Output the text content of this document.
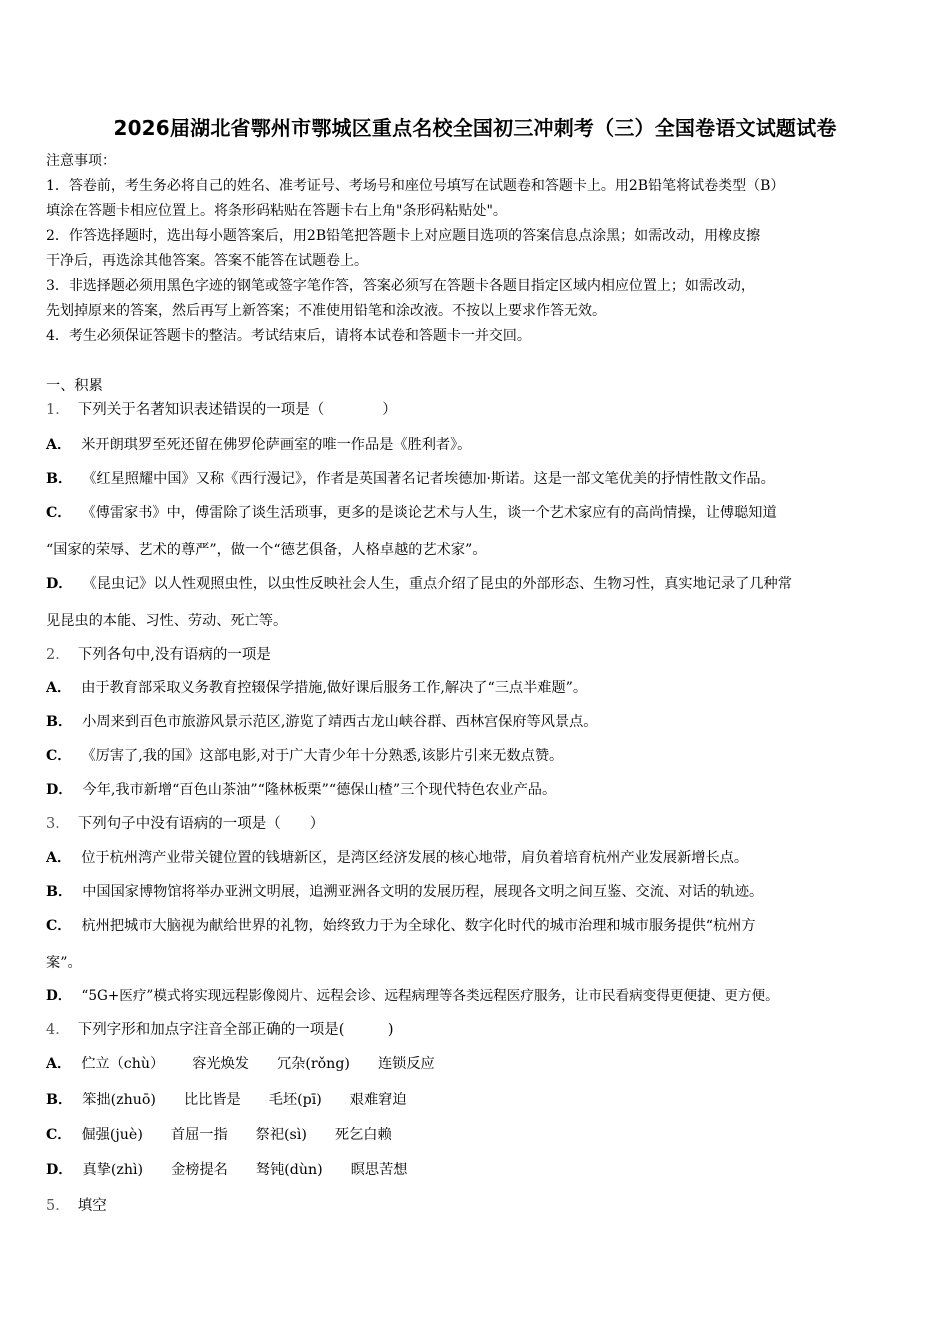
2026届湖北省鄂州市鄂城区重点名校全国初三冲刺考（三）全国卷语文试题试卷
注意事项：
1．答卷前，考生务必将自己的姓名、准考证号、考场号和座位号填写在试题卷和答题卡上。用2B铅笔将试卷类型（B）
填涂在答题卡相应位置上。将条形码粘贴在答题卡右上角"条形码粘贴处"。
2．作答选择题时，选出每小题答案后，用2B铅笔把答题卡上对应题目选项的答案信息点涂黑；如需改动，用橡皮擦
干净后，再选涂其他答案。答案不能答在试题卷上。
3．非选择题必须用黑色字迹的钢笔或签字笔作答，答案必须写在答题卡各题目指定区域内相应位置上；如需改动，
先划掉原来的答案，然后再写上新答案；不准使用铅笔和涂改液。不按以上要求作答无效。
4．考生必须保证答题卡的整洁。考试结束后，请将本试卷和答题卡一并交回。
一、积累
1． 下列关于名著知识表述错误的一项是（　　　　）
A． 米开朗琪罗至死还留在佛罗伦萨画室的唯一作品是《胜利者》。
B． 《红星照耀中国》又称《西行漫记》，作者是英国著名记者埃德加·斯诺。这是一部文笔优美的抒情性散文作品。
C． 《傅雷家书》中，傅雷除了谈生活琐事，更多的是谈论艺术与人生，谈一个艺术家应有的高尚情操，让傅聪知道
“国家的荣辱、艺术的尊严”，做一个“德艺俱备，人格卓越的艺术家”。
D． 《昆虫记》以人性观照虫性，以虫性反映社会人生，重点介绍了昆虫的外部形态、生物习性，真实地记录了几种常
见昆虫的本能、习性、劳动、死亡等。
2． 下列各句中,没有语病的一项是
A． 由于教育部采取义务教育控辍保学措施,做好课后服务工作,解决了“三点半难题”。
B． 小周来到百色市旅游风景示范区,游览了靖西古龙山峡谷群、西林宫保府等风景点。
C． 《厉害了,我的国》这部电影,对于广大青少年十分熟悉,该影片引来无数点赞。
D． 今年,我市新增“百色山茶油”“隆林板栗”“德保山楂”三个现代特色农业产品。
3． 下列句子中没有语病的一项是（　　）
A． 位于杭州湾产业带关键位置的钱塘新区，是湾区经济发展的核心地带，肩负着培育杭州产业发展新增长点。
B． 中国国家博物馆将举办亚洲文明展，追溯亚洲各文明的发展历程，展现各文明之间互鉴、交流、对话的轨迹。
C． 杭州把城市大脑视为献给世界的礼物，始终致力于为全球化、数字化时代的城市治理和城市服务提供“杭州方
案”。
D． “5G+医疗”模式将实现远程影像阅片、远程会诊、远程病理等各类远程医疗服务，让市民看病变得更便捷、更方便。
4． 下列字形和加点字注音全部正确的一项是(　　　)
A． 伫立（chù） 容光焕发 冗杂(rǒng) 连锁反应
B． 笨拙(zhuō) 比比皆是 毛坯(pī) 艰难窘迫
C． 倔强(juè) 首屈一指 祭祀(sì) 死乞白赖
D． 真挚(zhì) 金榜提名 驽钝(dùn) 瞑思苦想
5． 填空
